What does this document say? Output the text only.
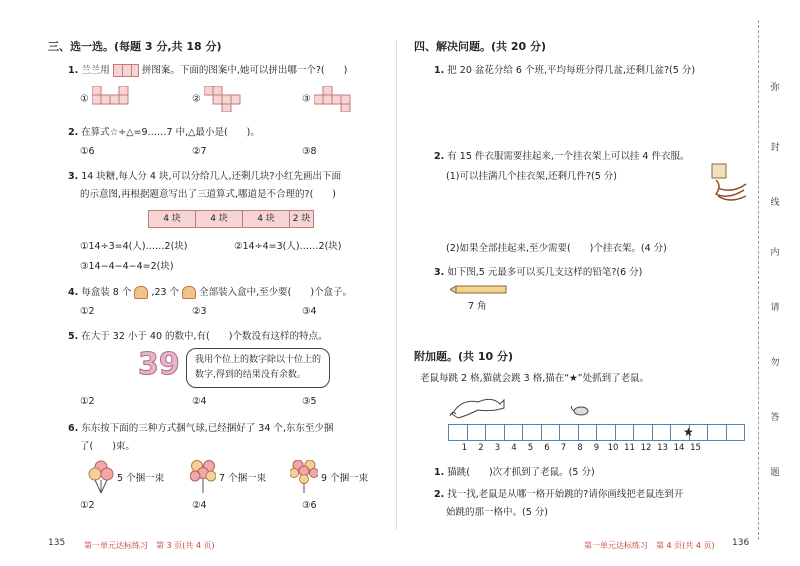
三、选一选。(每题 3 分,共 18 分)
1. 兰兰用	拼图案。下面的图案中,她可以拼出哪一个?(　　)
①	②	③
2. 在算式☆÷△=9……7 中,△最小是(　　)。
①6	②7	③8
3. 14 块糖,每人分 4 块,可以分给几人,还剩几块?小红先画出下面
的示意图,再根据题意写出了三道算式,哪道是不合理的?(　　)
4 块	4 块	4 块	2 块
①14÷3=4(人)……2(块)	②14÷4=3(人)……2(块)
③14−4−4−4=2(块)
4. 每盒装 8 个 ,23 个 全部装入盒中,至少要(　　)个盒子。
①2	②3	③4
5. 在大于 32 小于 40 的数中,有(　　)个数没有这样的特点。
39 我用个位上的数字除以十位上的
数字,得到的结果没有余数。
①2	②4	③5
6. 东东按下面的三种方式捆气球,已经捆好了 34 个,东东至少捆
了(　　)束。
5 个捆一束	7 个捆一束	9 个捆一束
①2	②4	③6
135 第一单元达标练习　第 3 页(共 4 页)
四、解决问题。(共 20 分)
1. 把 20 盆花分给 6 个班,平均每班分得几盆,还剩几盆?(5 分)
2. 有 15 件衣服需要挂起来,一个挂衣架上可以挂 4 件衣服。
(1)可以挂满几个挂衣架,还剩几件?(5 分)
(2)如果全部挂起来,至少需要(　　)个挂衣架。(4 分)
3. 如下图,5 元最多可以买几支这样的铅笔?(6 分)
7 角
附加题。(共 10 分)
老鼠每跳 2 格,猫就会跳 3 格,猫在“★”处抓到了老鼠。
★
1 2 3 4 5 6 7 8 9 10 11 12 13 14 15
1. 猫跳(　　)次才抓到了老鼠。(5 分)
2. 找一找,老鼠是从哪一格开始跳的?请你画线把老鼠连到开
始跳的那一格中。(5 分)
第一单元达标练习　第 4 页(共 4 页) 136
弥
封
线
内
请
勿
答
题
